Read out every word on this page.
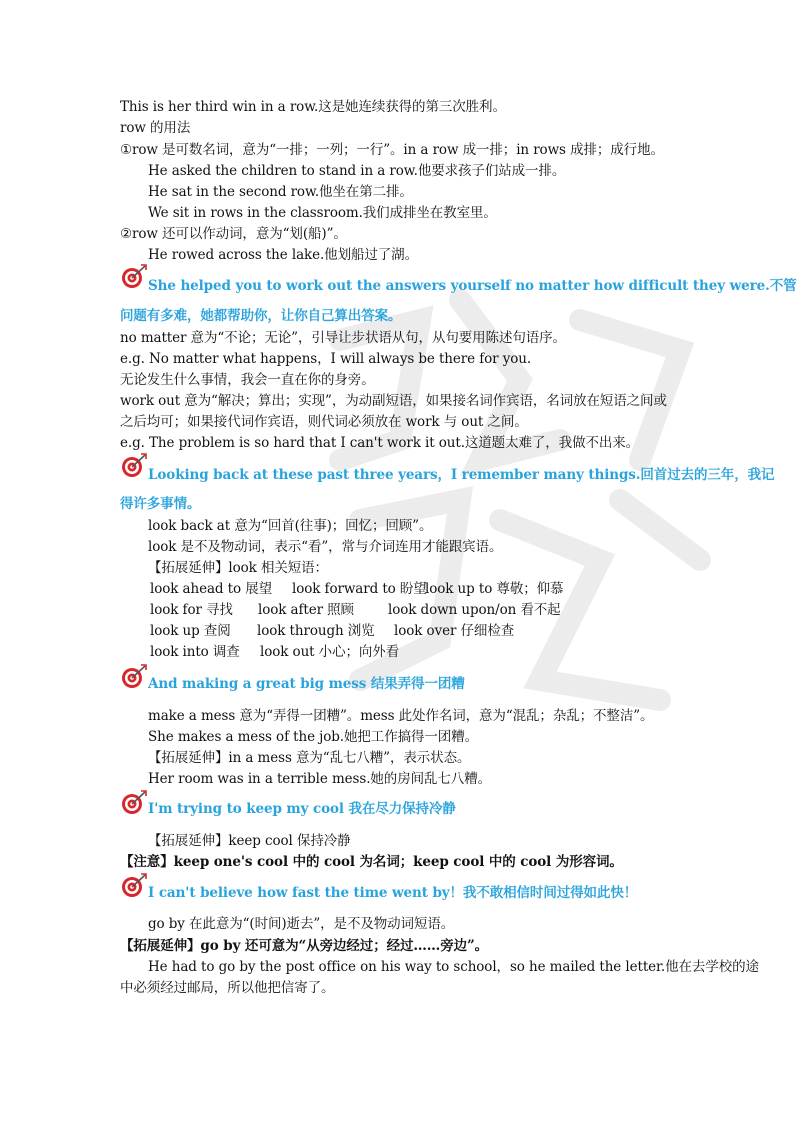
This is her third win in a row.这是她连续获得的第三次胜利。
row 的用法
①row 是可数名词，意为“一排；一列；一行”。in a row 成一排；in rows 成排；成行地。
He asked the children to stand in a row.他要求孩子们站成一排。
He sat in the second row.他坐在第二排。
We sit in rows in the classroom.我们成排坐在教室里。
②row 还可以作动词，意为“划(船)”。
He rowed across the lake.他划船过了湖。
She helped you to work out the answers yourself no matter how difficult they were.不管
问题有多难，她都帮助你，让你自己算出答案。
no matter 意为“不论；无论”，引导让步状语从句，从句要用陈述句语序。
e.g. No matter what happens，I will always be there for you.
无论发生什么事情，我会一直在你的身旁。
work out 意为“解决；算出；实现”，为动副短语，如果接名词作宾语，名词放在短语之间或
之后均可；如果接代词作宾语，则代词必须放在 work 与 out 之间。
e.g. The problem is so hard that I can't work it out.这道题太难了，我做不出来。
Looking back at these past three years，I remember many things.回首过去的三年，我记
得许多事情。
look back at 意为“回首(往事)；回忆；回顾”。
look 是不及物动词，表示“看”，常与介词连用才能跟宾语。
【拓展延伸】look 相关短语：
look ahead to 展望 look forward to 盼望
look up to 尊敬；仰慕
look for 寻找 look after 照顾	look down upon/on 看不起
look up 查阅 look through 浏览 look over 仔细检查
look into 调查 look out 小心；向外看
And making a great big mess 结果弄得一团糟
make a mess 意为“弄得一团糟”。mess 此处作名词，意为“混乱；杂乱；不整洁”。
She makes a mess of the job.她把工作搞得一团糟。
【拓展延伸】in a mess 意为“乱七八糟”，表示状态。
Her room was in a terrible mess.她的房间乱七八糟。
I'm trying to keep my cool 我在尽力保持冷静
【拓展延伸】keep cool 保持冷静
【注意】keep one's cool 中的 cool 为名词；keep cool 中的 cool 为形容词。
I can't believe how fast the time went by！我不敢相信时间过得如此快！
go by 在此意为“(时间)逝去”，是不及物动词短语。
【拓展延伸】go by 还可意为“从旁边经过；经过……旁边”。
He had to go by the post office on his way to school，so he mailed the letter.他在去学校的途
中必须经过邮局，所以他把信寄了。
